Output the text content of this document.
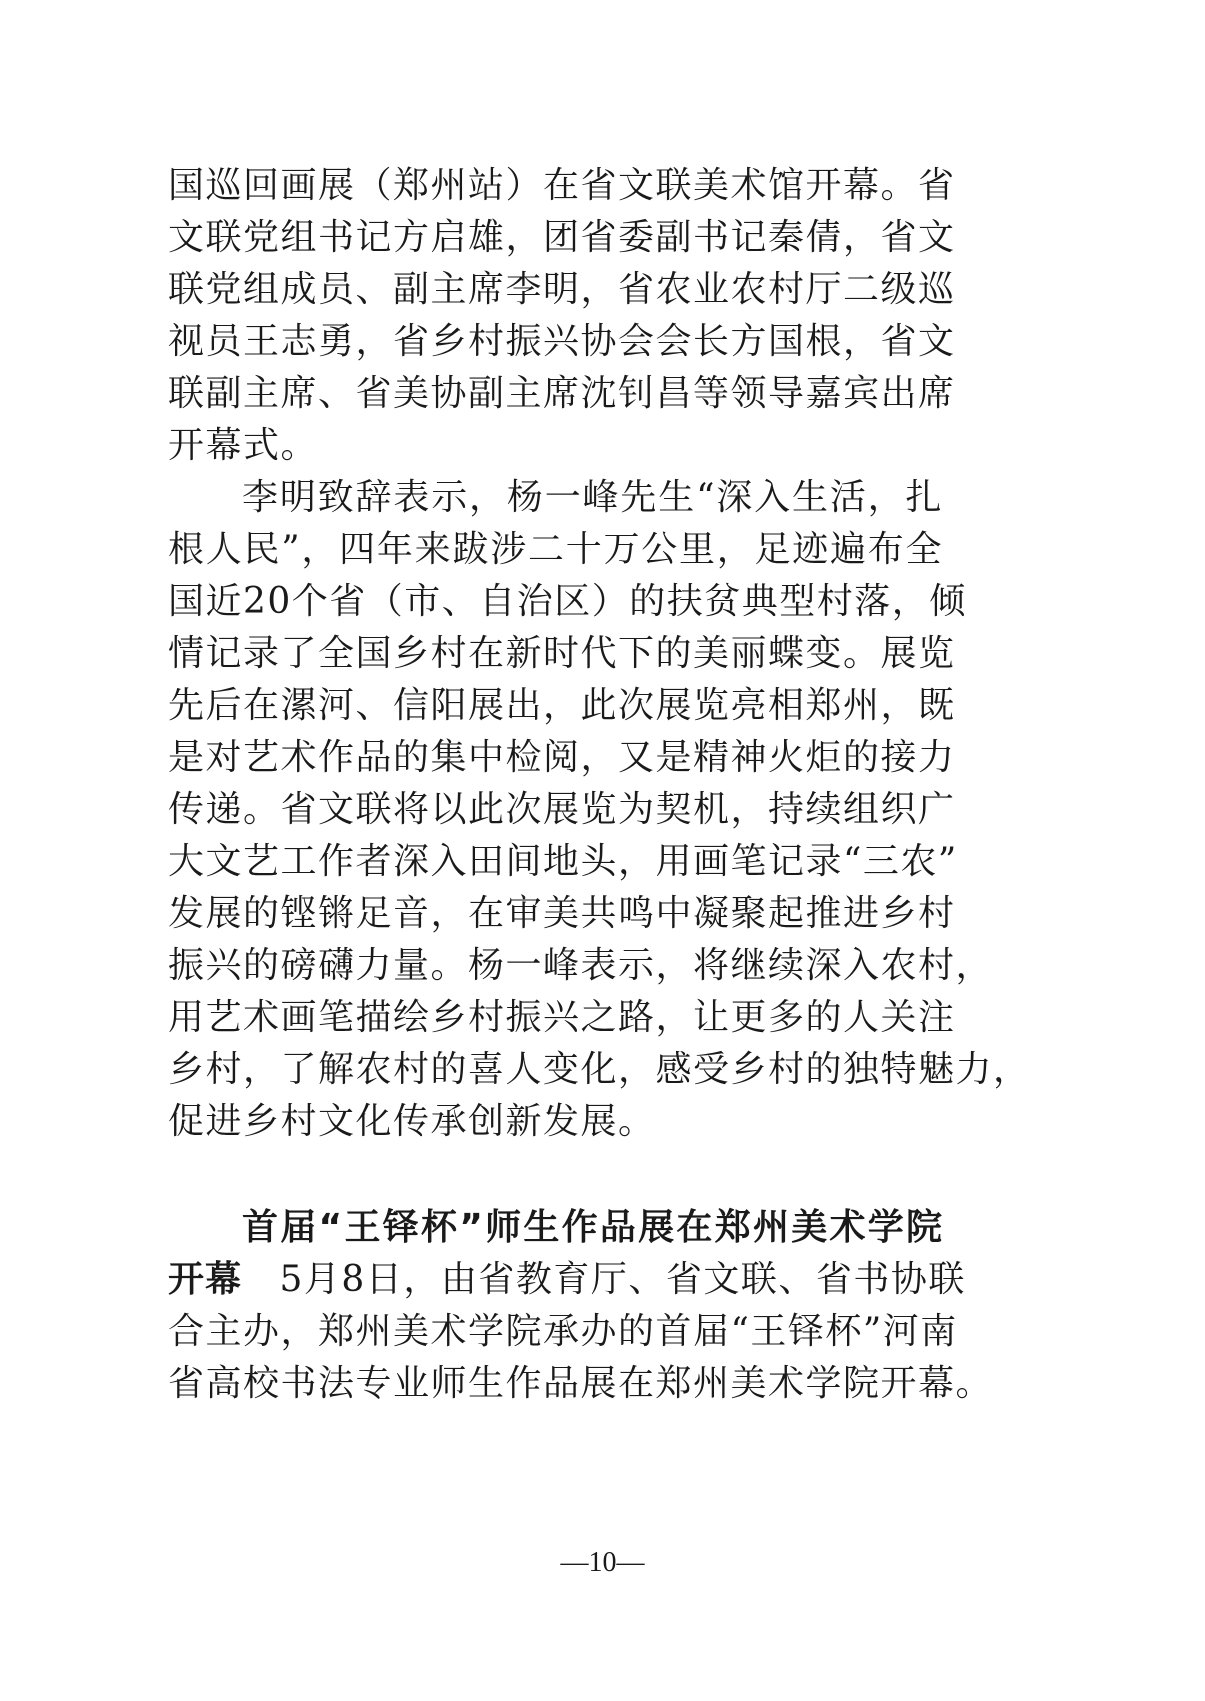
国巡回画展（郑州站）在省文联美术馆开幕。省
文联党组书记方启雄，团省委副书记秦倩，省文
联党组成员、副主席李明，省农业农村厅二级巡
视员王志勇，省乡村振兴协会会长方国根，省文
联副主席、省美协副主席沈钊昌等领导嘉宾出席
开幕式。
李明致辞表示，杨一峰先生“深入生活，扎
根人民”，四年来跋涉二十万公里，足迹遍布全
国近20个省（市、自治区）的扶贫典型村落，倾
情记录了全国乡村在新时代下的美丽蝶变。展览
先后在漯河、信阳展出，此次展览亮相郑州，既
是对艺术作品的集中检阅，又是精神火炬的接力
传递。省文联将以此次展览为契机，持续组织广
大文艺工作者深入田间地头，用画笔记录“三农”
发展的铿锵足音，在审美共鸣中凝聚起推进乡村
振兴的磅礴力量。杨一峰表示，将继续深入农村，
用艺术画笔描绘乡村振兴之路，让更多的人关注
乡村，了解农村的喜人变化，感受乡村的独特魅力，
促进乡村文化传承创新发展。
首届“王铎杯”师生作品展在郑州美术学院
开幕　5月8日，由省教育厅、省文联、省书协联
合主办，郑州美术学院承办的首届“王铎杯”河南
省高校书法专业师生作品展在郑州美术学院开幕。
—10—
